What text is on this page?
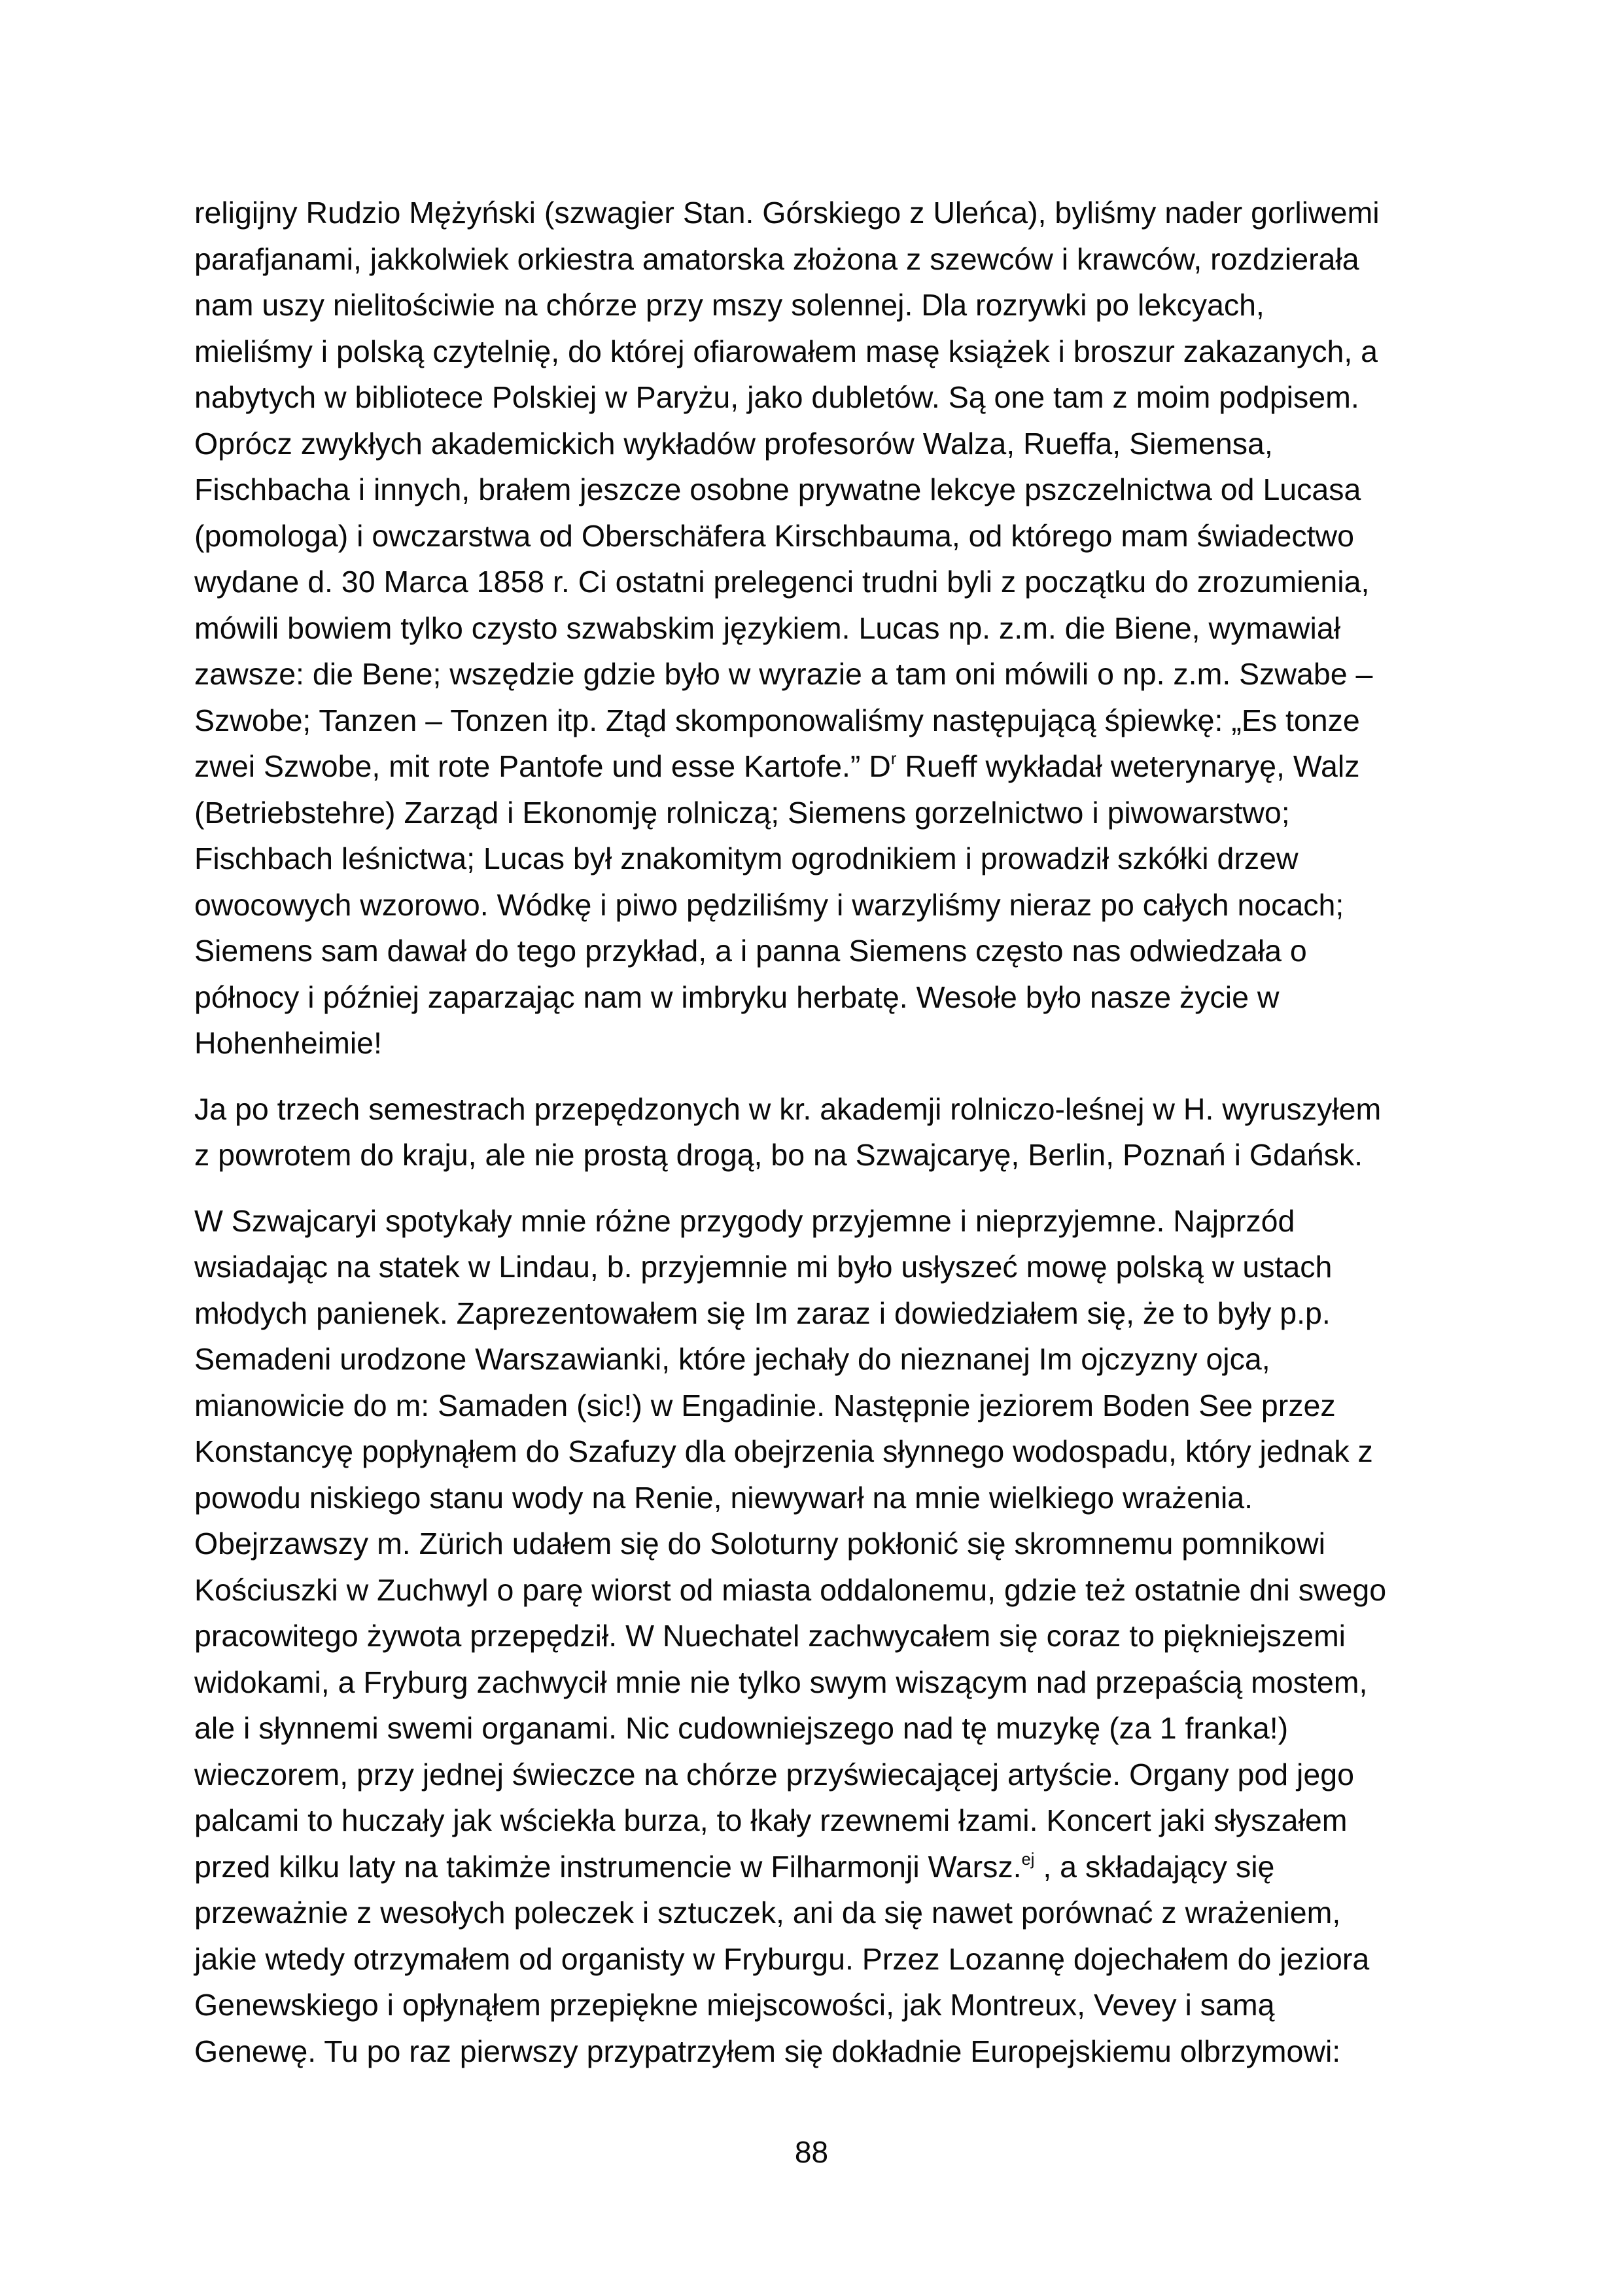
religijny Rudzio Mężyński (szwagier Stan. Górskiego z Uleńca), byliśmy nader gorliwemi
parafjanami, jakkolwiek orkiestra amatorska złożona z szewców i krawców, rozdzierała
nam uszy nielitościwie na chórze przy mszy solennej. Dla rozrywki po lekcyach,
mieliśmy i polską czytelnię, do której ofiarowałem masę książek i broszur zakazanych, a
nabytych w bibliotece Polskiej w Paryżu, jako dubletów. Są one tam z moim podpisem.
Oprócz zwykłych akademickich wykładów profesorów Walza, Rueffa, Siemensa,
Fischbacha i innych, brałem jeszcze osobne prywatne lekcye pszczelnictwa od Lucasa
(pomologa) i owczarstwa od Oberschäfera Kirschbauma, od którego mam świadectwo
wydane d. 30 Marca 1858 r. Ci ostatni prelegenci trudni byli z początku do zrozumienia,
mówili bowiem tylko czysto szwabskim językiem. Lucas np. z.m. die Biene, wymawiał
zawsze: die Bene; wszędzie gdzie było w wyrazie a tam oni mówili o np. z.m. Szwabe –
Szwobe; Tanzen – Tonzen itp. Ztąd skomponowaliśmy następującą śpiewkę: „Es tonze
zwei Szwobe, mit rote Pantofe und esse Kartofe.” $D^r$ Rueff wykładał weterynaryę, Walz
(Betriebstehre) Zarząd i Ekonomję rolniczą; Siemens gorzelnictwo i piwowarstwo;
Fischbach leśnictwa; Lucas był znakomitym ogrodnikiem i prowadził szkółki drzew
owocowych wzorowo. Wódkę i piwo pędziliśmy i warzyliśmy nieraz po całych nocach;
Siemens sam dawał do tego przykład, a i panna Siemens często nas odwiedzała o
północy i później zaparzając nam w imbryku herbatę. Wesołe było nasze życie w
Hohenheimie!

Ja po trzech semestrach przepędzonych w kr. akademji rolniczo-leśnej w H. wyruszyłem
z powrotem do kraju, ale nie prostą drogą, bo na Szwajcaryę, Berlin, Poznań i Gdańsk.

W Szwajcaryi spotykały mnie różne przygody przyjemne i nieprzyjemne. Najprzód
wsiadając na statek w Lindau, b. przyjemnie mi było usłyszeć mowę polską w ustach
młodych panienek. Zaprezentowałem się Im zaraz i dowiedziałem się, że to były p.p.
Semadeni urodzone Warszawianki, które jechały do nieznanej Im ojczyzny ojca,
mianowicie do m: Samaden (sic!) w Engadinie. Następnie jeziorem Boden See przez
Konstancyę popłynąłem do Szafuzy dla obejrzenia słynnego wodospadu, który jednak z
powodu niskiego stanu wody na Renie, niewywarł na mnie wielkiego wrażenia.
Obejrzawszy m. Zürich udałem się do Soloturny pokłonić się skromnemu pomnikowi
Kościuszki w Zuchwyl o parę wiorst od miasta oddalonemu, gdzie też ostatnie dni swego
pracowitego żywota przepędził. W Nuechatel zachwycałem się coraz to piękniejszemi
widokami, a Fryburg zachwycił mnie nie tylko swym wiszącym nad przepaścią mostem,
ale i słynnemi swemi organami. Nic cudowniejszego nad tę muzykę (za 1 franka!)
wieczorem, przy jednej świeczce na chórze przyświecającej artyście. Organy pod jego
palcami to huczały jak wściekła burza, to łkały rzewnemi łzami. Koncert jaki słyszałem
przed kilku laty na takimże instrumencie w Filharmonji Warsz.$^{ej}$ , a składający się
przeważnie z wesołych poleczek i sztuczek, ani da się nawet porównać z wrażeniem,
jakie wtedy otrzymałem od organisty w Fryburgu. Przez Lozannę dojechałem do jeziora
Genewskiego i opłynąłem przepiękne miejscowości, jak Montreux, Vevey i samą
Genewę. Tu po raz pierwszy przypatrzyłem się dokładnie Europejskiemu olbrzymowi:

88
